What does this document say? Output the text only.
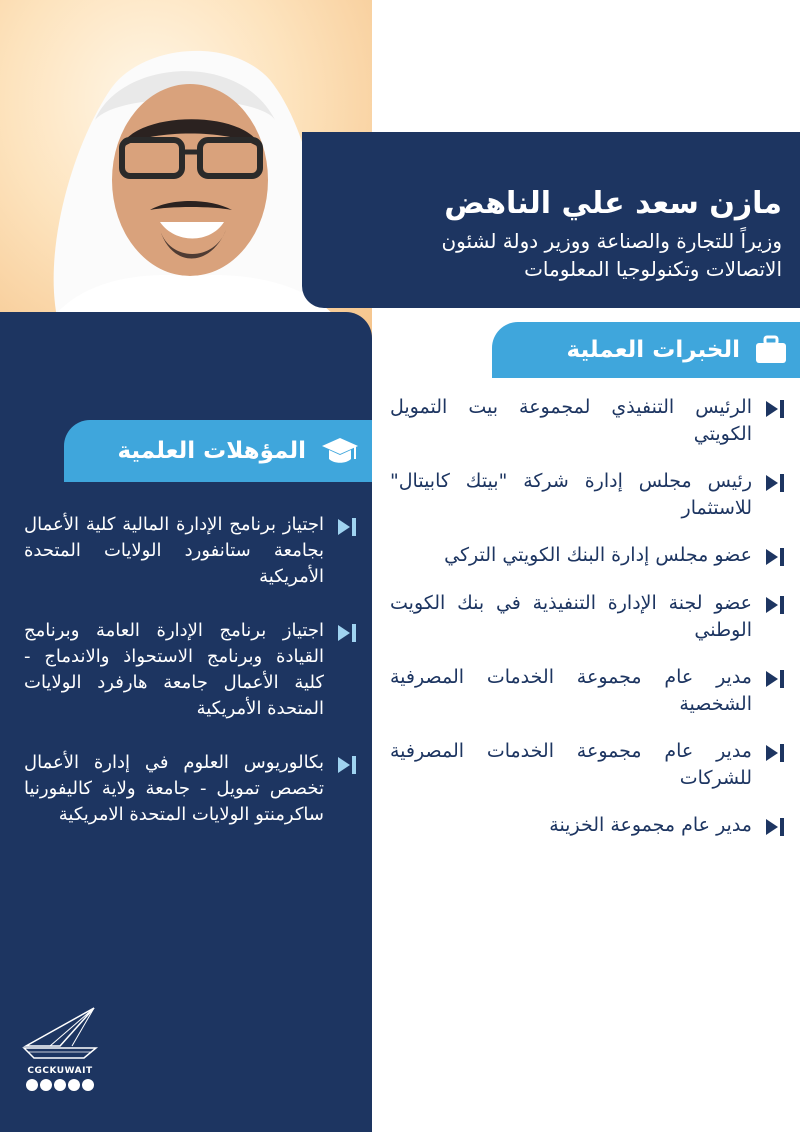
مازن سعد علي الناهض

وزيراً للتجارة والصناعة ووزير دولة لشئون

الاتصالات وتكنولوجيا المعلومات

الخبرات العملية
الرئيس التنفيذي لمجموعة بيت التمويل الكويتي
رئيس مجلس إدارة شركة "بيتك كابيتال" للاستثمار
عضو مجلس إدارة البنك الكويتي التركي
عضو لجنة الإدارة التنفيذية في بنك الكويت الوطني
مدير عام مجموعة الخدمات المصرفية الشخصية
مدير عام مجموعة الخدمات المصرفية للشركات
مدير عام مجموعة الخزينة
المؤهلات العلمية
اجتياز برنامج الإدارة المالية كلية الأعمال بجامعة ستانفورد الولايات المتحدة الأمريكية
اجتياز برنامج الإدارة العامة وبرنامج القيادة وبرنامج الاستحواذ والاندماج - كلية الأعمال جامعة هارفرد الولايات المتحدة الأمريكية
بكالوريوس العلوم في إدارة الأعمال تخصص تمويل - جامعة ولاية كاليفورنيا ساكرمنتو الولايات المتحدة الامريكية
CGCKUWAIT
